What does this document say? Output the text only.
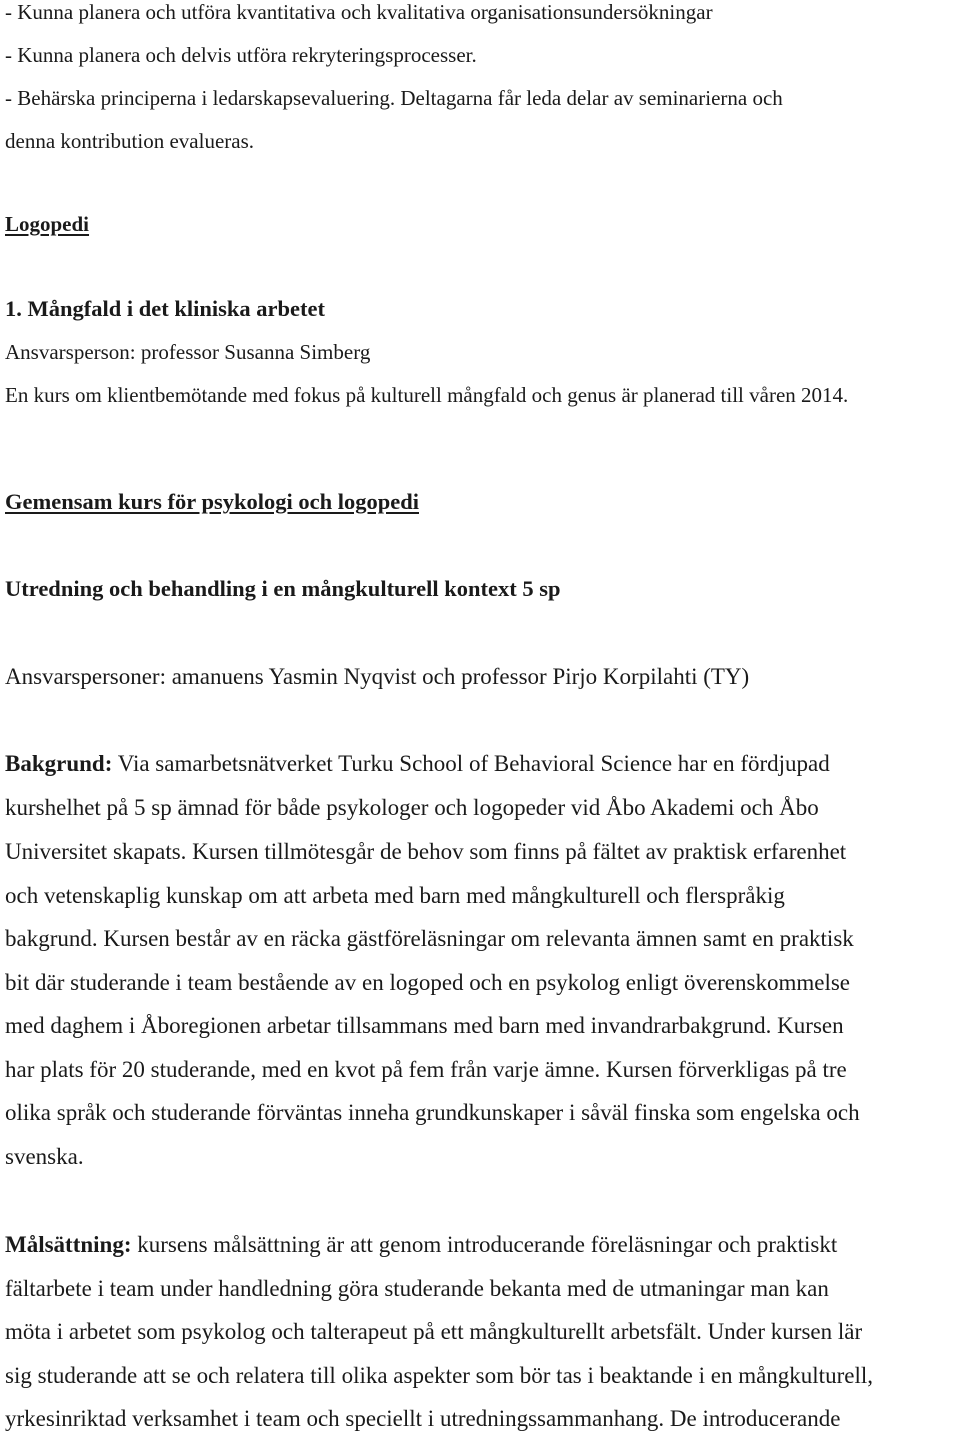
- Kunna planera och utföra kvantitativa och kvalitativa organisationsundersökningar
- Kunna planera och delvis utföra rekryteringsprocesser.
- Behärska principerna i ledarskapsevaluering. Deltagarna får leda delar av seminarierna och
denna kontribution evalueras.
Logopedi
1. Mångfald i det kliniska arbetet
Ansvarsperson: professor Susanna Simberg
En kurs om klientbemötande med fokus på kulturell mångfald och genus är planerad till våren 2014.
Gemensam kurs för psykologi och logopedi
Utredning och behandling i en mångkulturell kontext 5 sp
Ansvarspersoner: amanuens Yasmin Nyqvist och professor Pirjo Korpilahti (TY)
Bakgrund: Via samarbetsnätverket Turku School of Behavioral Science har en fördjupad
kurshelhet på 5 sp ämnad för både psykologer och logopeder vid Åbo Akademi och Åbo
Universitet skapats. Kursen tillmötesgår de behov som finns på fältet av praktisk erfarenhet
och vetenskaplig kunskap om att arbeta med barn med mångkulturell och flerspråkig
bakgrund. Kursen består av en räcka gästföreläsningar om relevanta ämnen samt en praktisk
bit där studerande i team bestående av en logoped och en psykolog enligt överenskommelse
med daghem i Åboregionen arbetar tillsammans med barn med invandrarbakgrund. Kursen
har plats för 20 studerande, med en kvot på fem från varje ämne. Kursen förverkligas på tre
olika språk och studerande förväntas inneha grundkunskaper i såväl finska som engelska och
svenska.
Målsättning: kursens målsättning är att genom introducerande föreläsningar och praktiskt
fältarbete i team under handledning göra studerande bekanta med de utmaningar man kan
möta i arbetet som psykolog och talterapeut på ett mångkulturellt arbetsfält. Under kursen lär
sig studerande att se och relatera till olika aspekter som bör tas i beaktande i en mångkulturell,
yrkesinriktad verksamhet i team och speciellt i utredningssammanhang. De introducerande
